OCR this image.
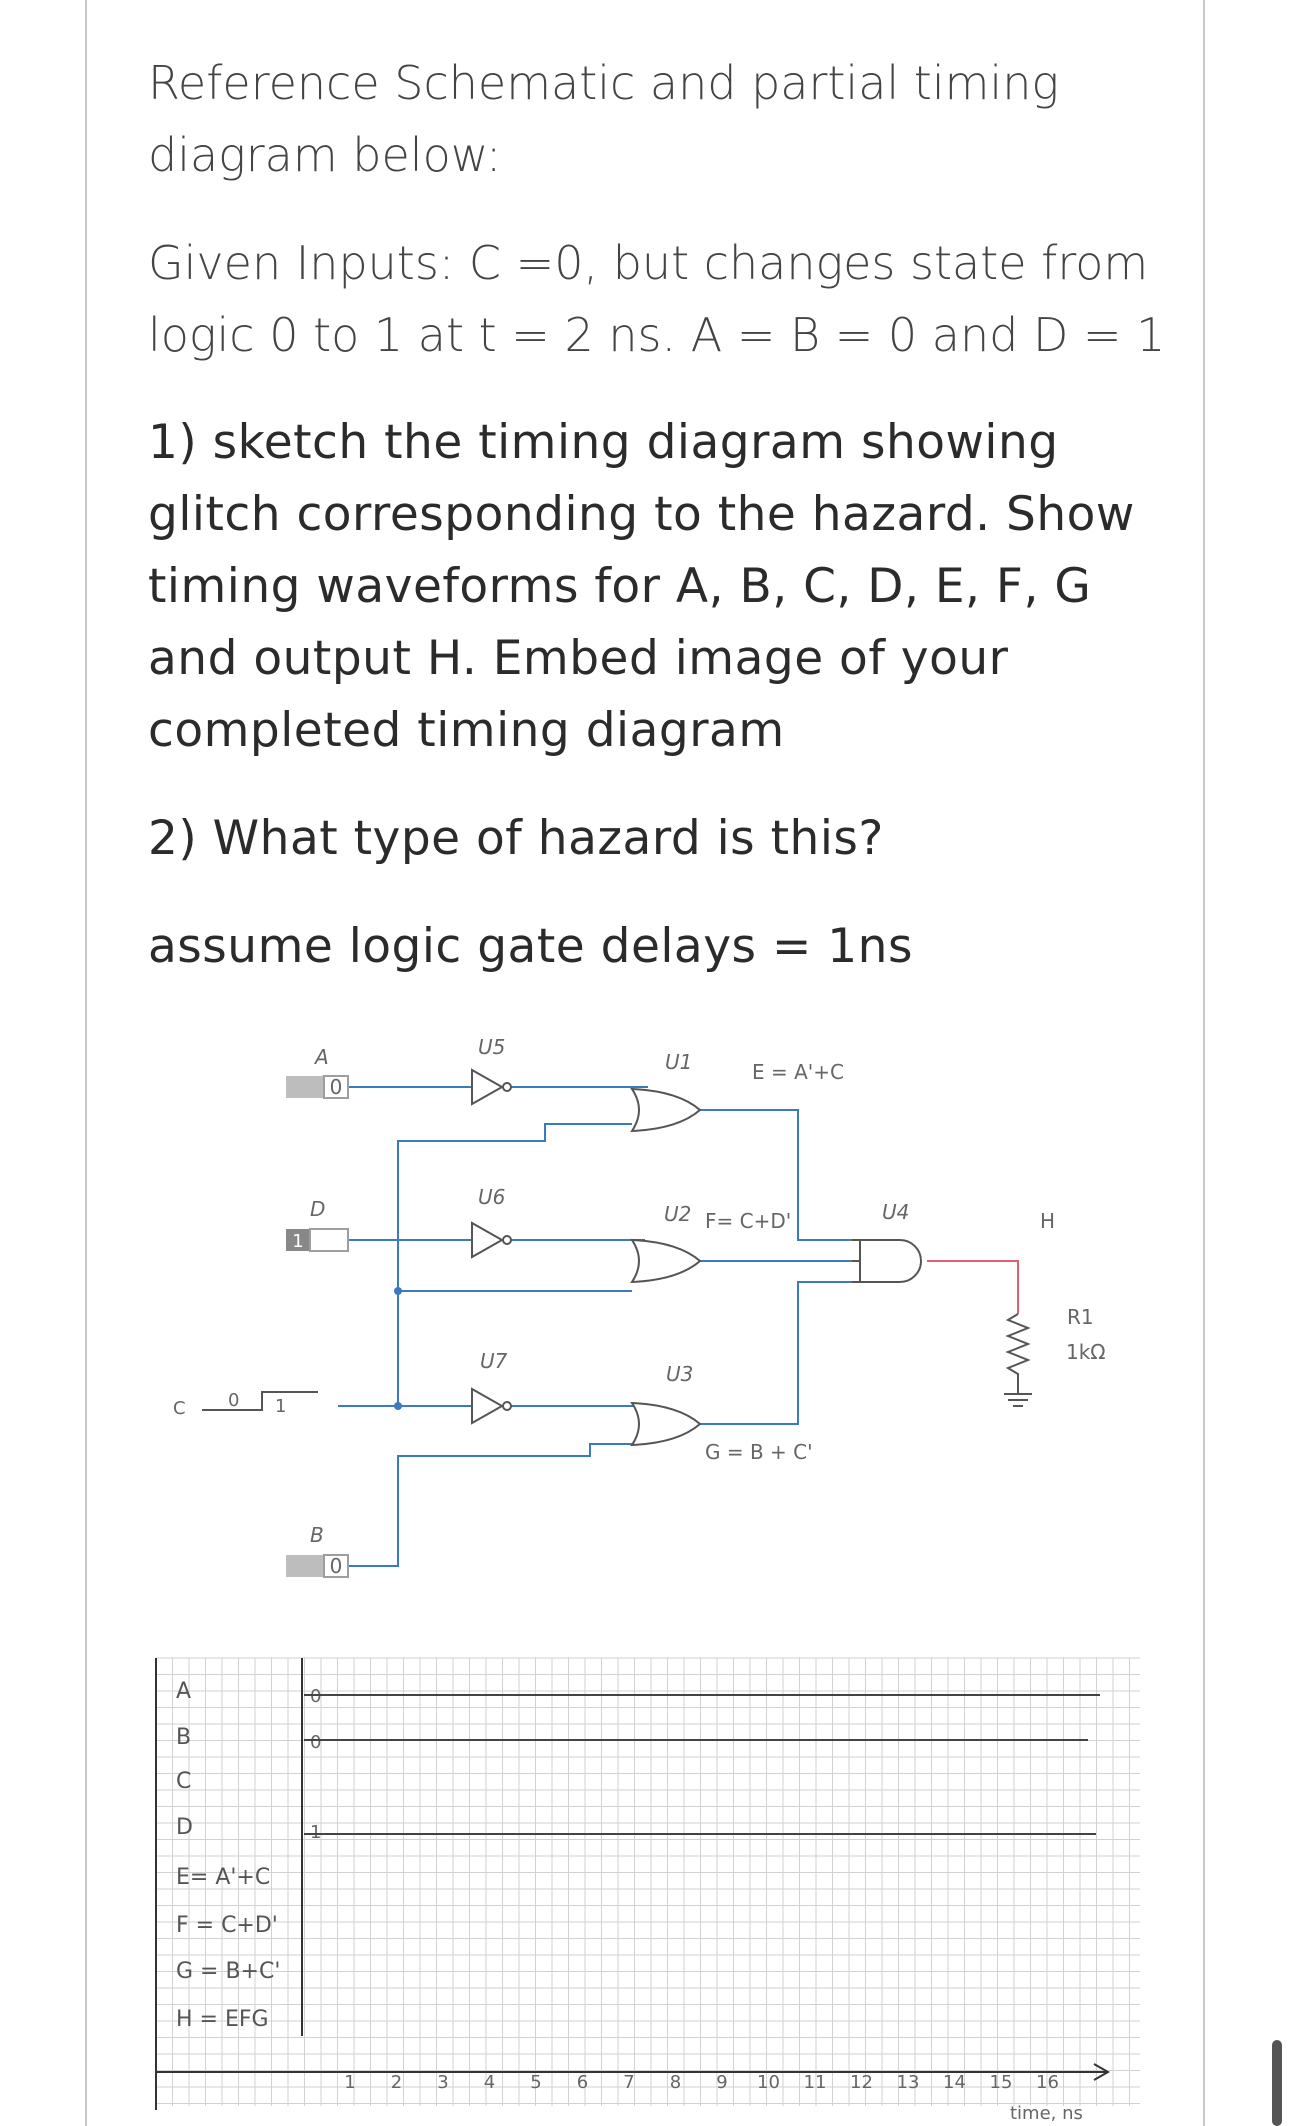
Reference Schematic and partial timing diagram below:

Given Inputs: C =0, but changes state from logic 0 to 1 at t = 2 ns. A = B = 0 and D = 1

1) sketch the timing diagram showing glitch corresponding to the hazard. Show timing waveforms for A, B, C, D, E, F, G and output H. Embed image of your completed timing diagram

2) What type of hazard is this?

assume logic gate delays = 1ns

0
1
0
C 0 1
A
D
B
U5
U6
U7
U1
U2
U3
U4
E = A'+C
F= C+D'
G = B + C'
H
R1
1kΩ
A
B
C
D
E= A'+C
F = C+D'
G = B+C'
H = EFG
0
0
1
1 2 3 4 5 6 7 8 9 10 11 12 13 14 15 16
time, ns
